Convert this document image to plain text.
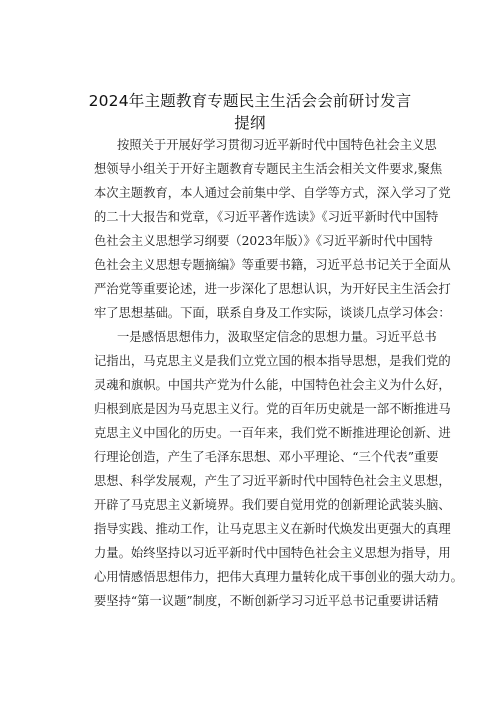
2024年主题教育专题民主生活会会前研讨发言
提纲
按照关于开展好学习贯彻习近平新时代中国特色社会主义思
想领导小组关于开好主题教育专题民主生活会相关文件要求,聚焦
本次主题教育，本人通过会前集中学、自学等方式，深入学习了党
的二十大报告和党章，《习近平著作选读》《习近平新时代中国特
色社会主义思想学习纲要（2023年版）》《习近平新时代中国特
色社会主义思想专题摘编》等重要书籍，习近平总书记关于全面从
严治党等重要论述，进一步深化了思想认识，为开好民主生活会打
牢了思想基础。下面，联系自身及工作实际，谈谈几点学习体会：
一是感悟思想伟力，汲取坚定信念的思想力量。习近平总书
记指出，马克思主义是我们立党立国的根本指导思想，是我们党的
灵魂和旗帜。中国共产党为什么能，中国特色社会主义为什么好，
归根到底是因为马克思主义行。党的百年历史就是一部不断推进马
克思主义中国化的历史。一百年来，我们党不断推进理论创新、进
行理论创造，产生了毛泽东思想、邓小平理论、“三个代表”重要
思想、科学发展观，产生了习近平新时代中国特色社会主义思想，
开辟了马克思主义新境界。我们要自觉用党的创新理论武装头脑、
指导实践、推动工作，让马克思主义在新时代焕发出更强大的真理
力量。始终坚持以习近平新时代中国特色社会主义思想为指导，用
心用情感悟思想伟力，把伟大真理力量转化成干事创业的强大动力。
要坚持“第一议题”制度，不断创新学习习近平总书记重要讲话精
